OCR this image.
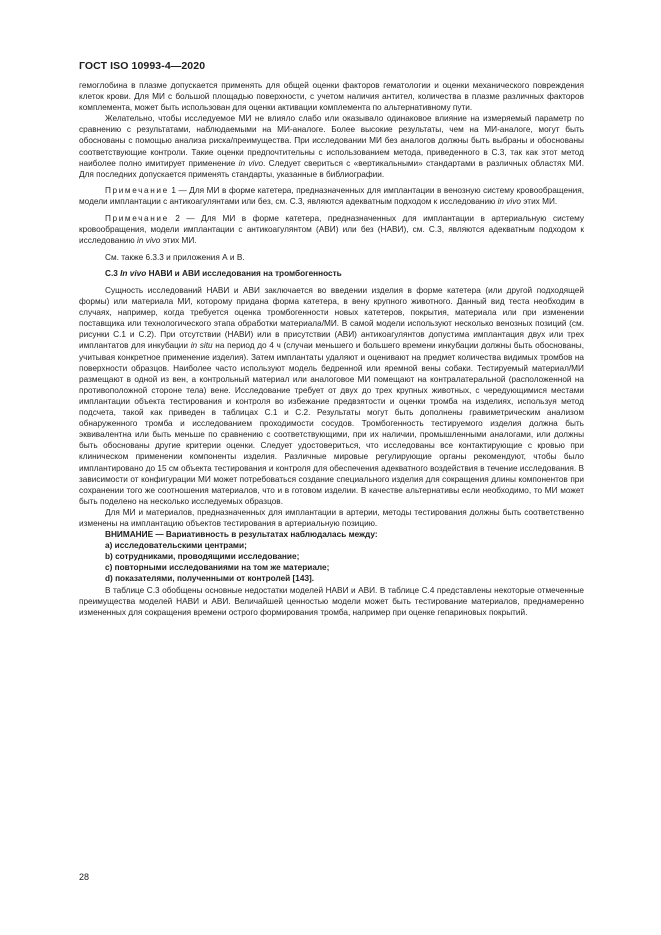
ГОСТ ISO 10993-4—2020

гемоглобина в плазме допускается применять для общей оценки факторов гематологии и оценки механического повреждения клеток крови. Для МИ с большой площадью поверхности, с учетом наличия антител, количества в плазме различных факторов комплемента, может быть использован для оценки активации комплемента по альтернативному пути.

Желательно, чтобы исследуемое МИ не влияло слабо или оказывало одинаковое влияние на измеряемый параметр по сравнению с результатами, наблюдаемыми на МИ-аналоге. Более высокие результаты, чем на МИ-аналоге, могут быть обоснованы с помощью анализа риска/преимущества. При исследовании МИ без аналогов должны быть выбраны и обоснованы соответствующие контроли. Такие оценки предпочтительны с использованием метода, приведенного в С.3, так как этот метод наиболее полно имитирует применение in vivo. Следует свериться с «вертикальными» стандартами в различных областях МИ. Для последних допускается применять стандарты, указанные в библиографии.

Примечание 1 — Для МИ в форме катетера, предназначенных для имплантации в венозную систему кровообращения, модели имплантации с антикоагулянтами или без, см. С.3, являются адекватным подходом к исследованию in vivo этих МИ.

Примечание 2 — Для МИ в форме катетера, предназначенных для имплантации в артериальную систему кровообращения, модели имплантации с антикоагулянтом (АВИ) или без (НАВИ), см. С.3, являются адекватным подходом к исследованию in vivo этих МИ.

См. также 6.3.3 и приложения А и В.

С.3 In vivo НАВИ и АВИ исследования на тромбогенность

Сущность исследований НАВИ и АВИ заключается во введении изделия в форме катетера (или другой подходящей формы) или материала МИ, которому придана форма катетера, в вену крупного животного. Данный вид теста необходим в случаях, например, когда требуется оценка тромбогенности новых катетеров, покрытия, материала или при изменении поставщика или технологического этапа обработки материала/МИ. В самой модели используют несколько венозных позиций (см. рисунки С.1 и С.2). При отсутствии (НАВИ) или в присутствии (АВИ) антикоагулянтов допустима имплантация двух или трех имплантатов для инкубации in situ на период до 4 ч (случаи меньшего и большего времени инкубации должны быть обоснованы, учитывая конкретное применение изделия). Затем имплантаты удаляют и оценивают на предмет количества видимых тромбов на поверхности образцов. Наиболее часто используют модель бедренной или яремной вены собаки. Тестируемый материал/МИ размещают в одной из вен, а контрольный материал или аналоговое МИ помещают на контралатеральной (расположенной на противоположной стороне тела) вене. Исследование требует от двух до трех крупных животных, с чередующимися местами имплантации объекта тестирования и контроля во избежание предвзятости и оценки тромба на изделиях, используя метод подсчета, такой как приведен в таблицах С.1 и С.2. Результаты могут быть дополнены гравиметрическим анализом обнаруженного тромба и исследованием проходимости сосудов. Тромбогенность тестируемого изделия должна быть эквивалентна или быть меньше по сравнению с соответствующими, при их наличии, промышленными аналогами, или должны быть обоснованы другие критерии оценки. Следует удостовериться, что исследованы все контактирующие с кровью при клиническом применении компоненты изделия. Различные мировые регулирующие органы рекомендуют, чтобы было имплантировано до 15 см объекта тестирования и контроля для обеспечения адекватного воздействия в течение исследования. В зависимости от конфигурации МИ может потребоваться создание специального изделия для сокращения длины компонентов при сохранении того же соотношения материалов, что и в готовом изделии. В качестве альтернативы если необходимо, то МИ может быть поделено на несколько исследуемых образцов.

Для МИ и материалов, предназначенных для имплантации в артерии, методы тестирования должны быть соответственно изменены на имплантацию объектов тестирования в артериальную позицию.

ВНИМАНИЕ — Вариативность в результатах наблюдалась между:

a) исследовательскими центрами;

b) сотрудниками, проводящими исследование;

c) повторными исследованиями на том же материале;

d) показателями, полученными от контролей [143].

В таблице С.3 обобщены основные недостатки моделей НАВИ и АВИ. В таблице С.4 представлены некоторые отмеченные преимущества моделей НАВИ и АВИ. Величайшей ценностью модели может быть тестирование материалов, преднамеренно измененных для сокращения времени острого формирования тромба, например при оценке гепариновых покрытий.

28
